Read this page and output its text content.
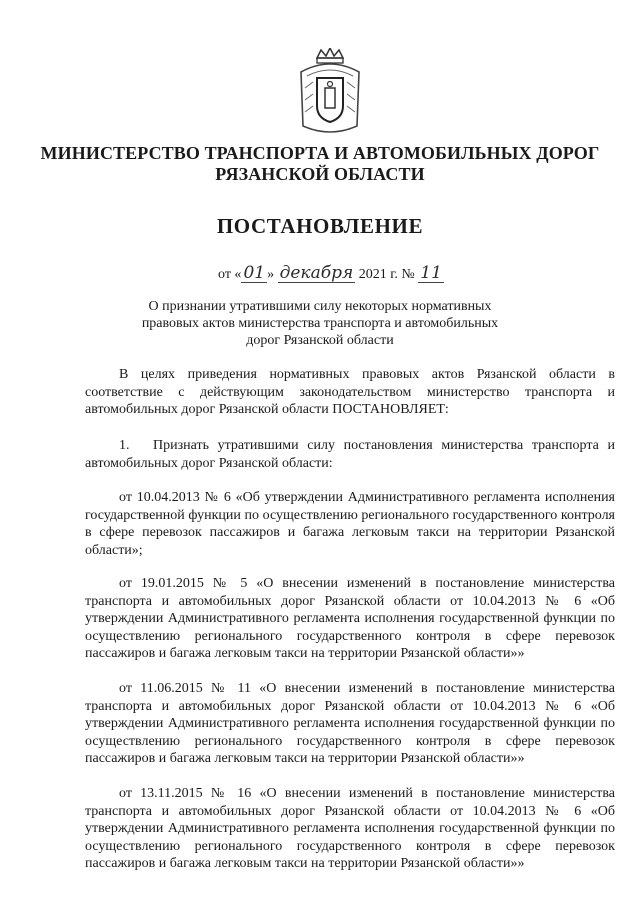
МИНИСТЕРСТВО ТРАНСПОРТА И АВТОМОБИЛЬНЫХ ДОРОГ
РЯЗАНСКОЙ ОБЛАСТИ
ПОСТАНОВЛЕНИЕ
от « 01 » декабря 2021 г. № 11
О признании утратившими силу некоторых нормативных правовых актов министерства транспорта и автомобильных дорог Рязанской области
В целях приведения нормативных правовых актов Рязанской области в соответствие с действующим законодательством министерство транспорта и автомобильных дорог Рязанской области ПОСТАНОВЛЯЕТ:
1. Признать утратившими силу постановления министерства транспорта и автомобильных дорог Рязанской области:
от 10.04.2013 № 6 «Об утверждении Административного регламента исполнения государственной функции по осуществлению регионального государственного контроля в сфере перевозок пассажиров и багажа легковым такси на территории Рязанской области»;
от 19.01.2015 № 5 «О внесении изменений в постановление министерства транспорта и автомобильных дорог Рязанской области от 10.04.2013 № 6 «Об утверждении Административного регламента исполнения государственной функции по осуществлению регионального государственного контроля в сфере перевозок пассажиров и багажа легковым такси на территории Рязанской области»»
от 11.06.2015 № 11 «О внесении изменений в постановление министерства транспорта и автомобильных дорог Рязанской области от 10.04.2013 № 6 «Об утверждении Административного регламента исполнения государственной функции по осуществлению регионального государственного контроля в сфере перевозок пассажиров и багажа легковым такси на территории Рязанской области»»
от 13.11.2015 № 16 «О внесении изменений в постановление министерства транспорта и автомобильных дорог Рязанской области от 10.04.2013 № 6 «Об утверждении Административного регламента исполнения государственной функции по осуществлению регионального государственного контроля в сфере перевозок пассажиров и багажа легковым такси на территории Рязанской области»»
